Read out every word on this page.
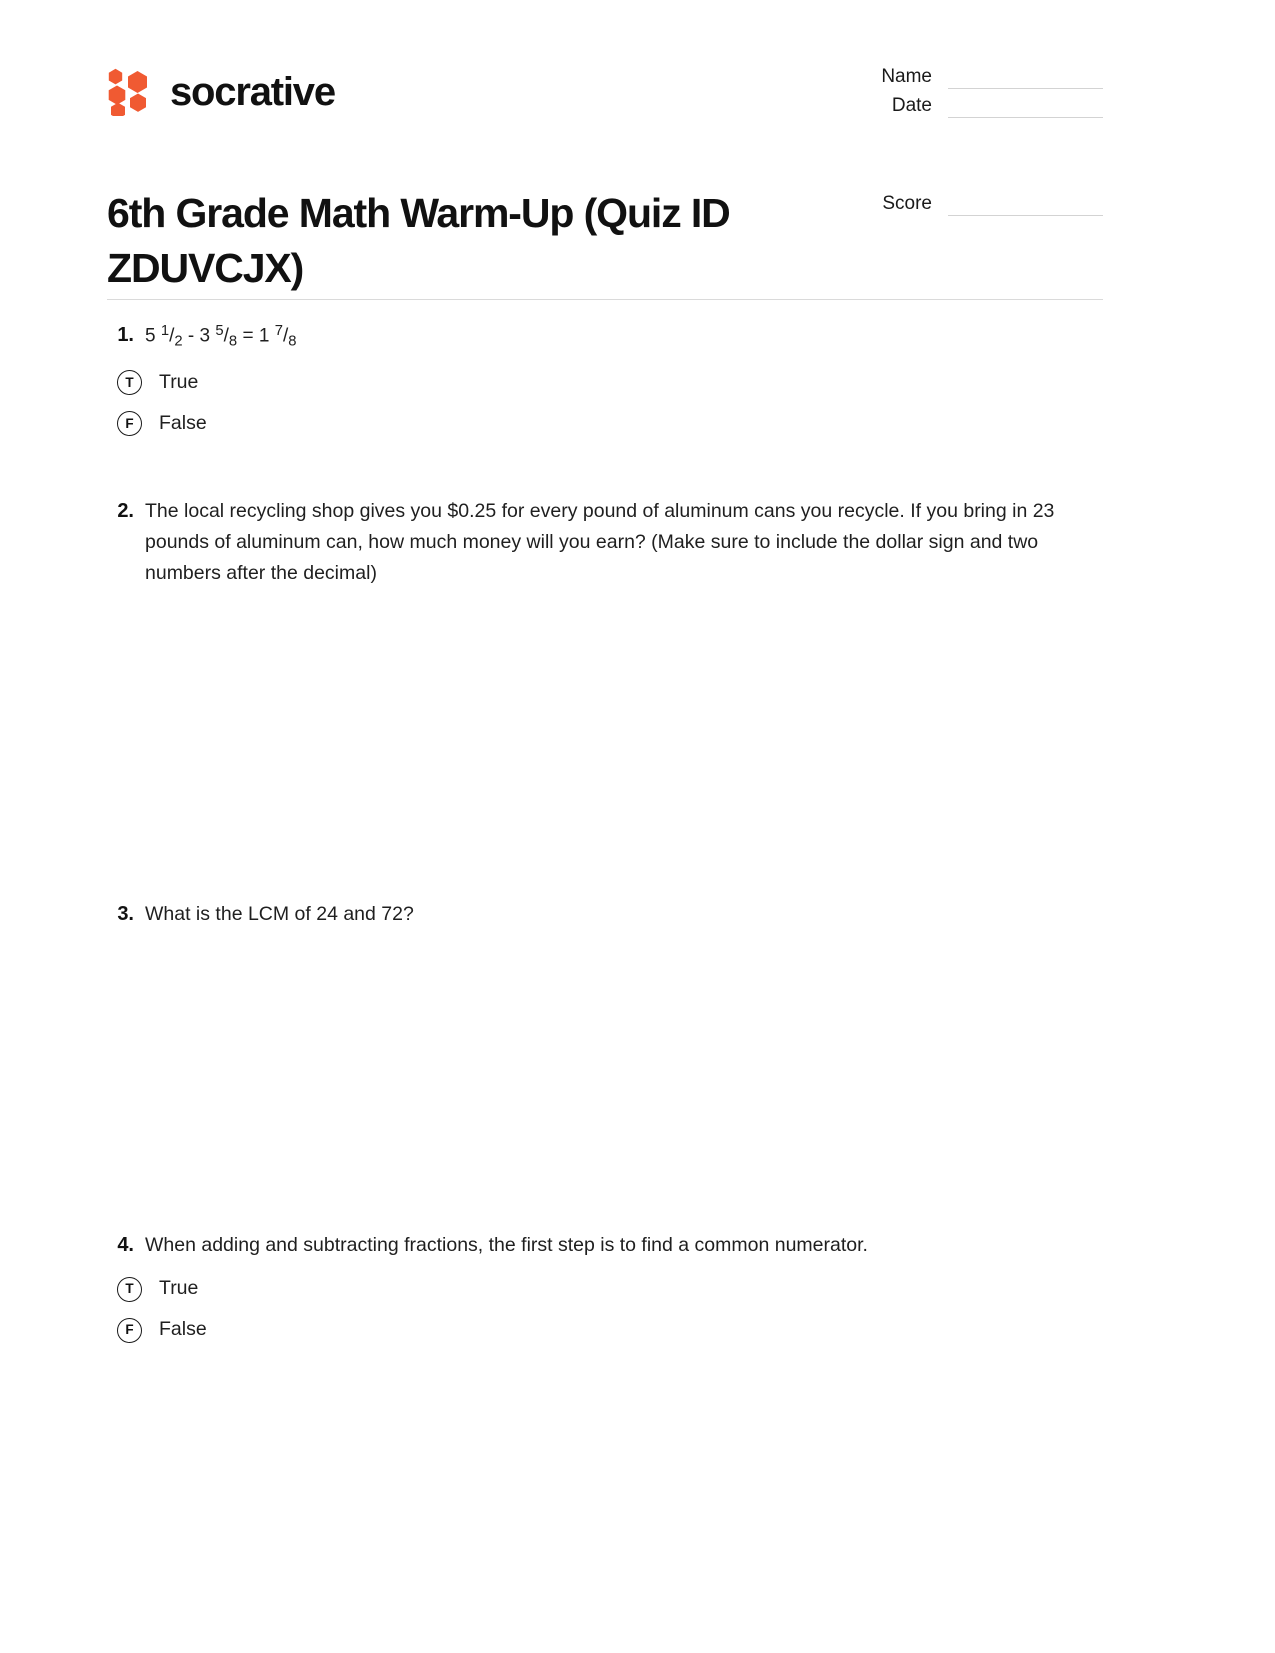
socrative	Name
Date
Score
6th Grade Math Warm-Up (Quiz ID ZDUVCJX)
1. 5 $^1/_2 - 3$ $^5/_8 = 1$ $^7/_8$
T	True
F	False
2. The local recycling shop gives you $0.25 for every pound of aluminum cans you recycle. If you bring in 23 pounds of aluminum can, how much money will you earn? (Make sure to include the dollar sign and two numbers after the decimal)
3. What is the LCM of 24 and 72?
4. When adding and subtracting fractions, the first step is to find a common numerator.
T	True
F	False
